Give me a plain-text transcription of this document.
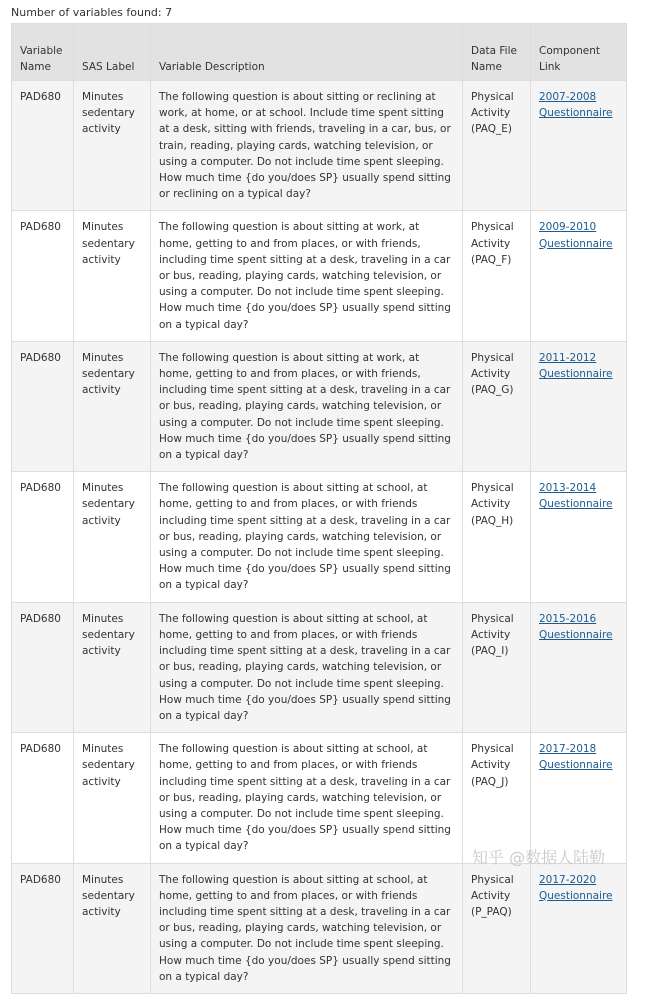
Number of variables found: 7
Variable Name	SAS Label	Variable Description	Data File Name	Component Link
PAD680	Minutes sedentary activity	The following question is about sitting or reclining at work, at home, or at school. Include time spent sitting at a desk, sitting with friends, traveling in a car, bus, or train, reading, playing cards, watching television, or using a computer. Do not include time spent sleeping. How much time {do you/does SP} usually spend sitting or reclining on a typical day?	Physical Activity (PAQ_E)	2007-2008 Questionnaire
PAD680	Minutes sedentary activity	The following question is about sitting at work, at home, getting to and from places, or with friends, including time spent sitting at a desk, traveling in a car or bus, reading, playing cards, watching television, or using a computer. Do not include time spent sleeping. How much time {do you/does SP} usually spend sitting on a typical day?	Physical Activity (PAQ_F)	2009-2010 Questionnaire
PAD680	Minutes sedentary activity	The following question is about sitting at work, at home, getting to and from places, or with friends, including time spent sitting at a desk, traveling in a car or bus, reading, playing cards, watching television, or using a computer. Do not include time spent sleeping. How much time {do you/does SP} usually spend sitting on a typical day?	Physical Activity (PAQ_G)	2011-2012 Questionnaire
PAD680	Minutes sedentary activity	The following question is about sitting at school, at home, getting to and from places, or with friends including time spent sitting at a desk, traveling in a car or bus, reading, playing cards, watching television, or using a computer. Do not include time spent sleeping. How much time {do you/does SP} usually spend sitting on a typical day?	Physical Activity (PAQ_H)	2013-2014 Questionnaire
PAD680	Minutes sedentary activity	The following question is about sitting at school, at home, getting to and from places, or with friends including time spent sitting at a desk, traveling in a car or bus, reading, playing cards, watching television, or using a computer. Do not include time spent sleeping. How much time {do you/does SP} usually spend sitting on a typical day?	Physical Activity (PAQ_I)	2015-2016 Questionnaire
PAD680	Minutes sedentary activity	The following question is about sitting at school, at home, getting to and from places, or with friends including time spent sitting at a desk, traveling in a car or bus, reading, playing cards, watching television, or using a computer. Do not include time spent sleeping. How much time {do you/does SP} usually spend sitting on a typical day?	Physical Activity (PAQ_J)	2017-2018 Questionnaire
PAD680	Minutes sedentary activity	The following question is about sitting at school, at home, getting to and from places, or with friends including time spent sitting at a desk, traveling in a car or bus, reading, playing cards, watching television, or using a computer. Do not include time spent sleeping. How much time {do you/does SP} usually spend sitting on a typical day?	Physical Activity (P_PAQ)	2017-2020 Questionnaire
知乎 @数据人陆勤
